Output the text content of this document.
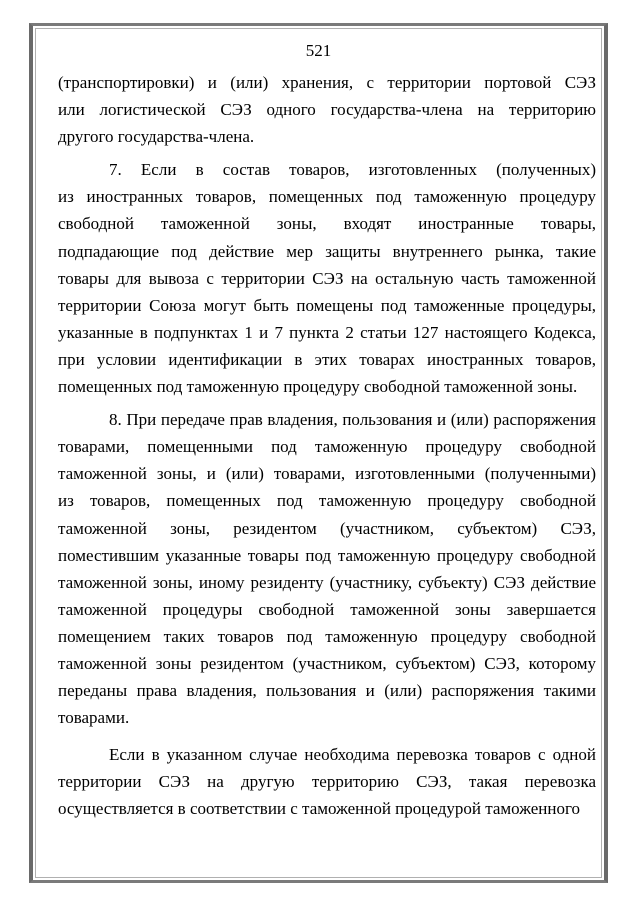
521
(транспортировки) и (или) хранения, с территории портовой СЭЗ
или логистической СЭЗ одного государства-члена на территорию
другого государства-члена.
7. Если в состав товаров, изготовленных (полученных)
из иностранных товаров, помещенных под таможенную процедуру
свободной таможенной зоны, входят иностранные товары,
подпадающие под действие мер защиты внутреннего рынка, такие
товары для вывоза с территории СЭЗ на остальную часть таможенной
территории Союза могут быть помещены под таможенные процедуры,
указанные в подпунктах 1 и 7 пункта 2 статьи 127 настоящего Кодекса,
при условии идентификации в этих товарах иностранных товаров,
помещенных под таможенную процедуру свободной таможенной зоны.
8. При передаче прав владения, пользования и (или) распоряжения
товарами, помещенными под таможенную процедуру свободной
таможенной зоны, и (или) товарами, изготовленными (полученными)
из товаров, помещенных под таможенную процедуру свободной
таможенной зоны, резидентом (участником, субъектом) СЭЗ,
поместившим указанные товары под таможенную процедуру свободной
таможенной зоны, иному резиденту (участнику, субъекту) СЭЗ действие
таможенной процедуры свободной таможенной зоны завершается
помещением таких товаров под таможенную процедуру свободной
таможенной зоны резидентом (участником, субъектом) СЭЗ, которому
переданы права владения, пользования и (или) распоряжения такими
товарами.
Если в указанном случае необходима перевозка товаров с одной
территории СЭЗ на другую территорию СЭЗ, такая перевозка
осуществляется в соответствии с таможенной процедурой таможенного
